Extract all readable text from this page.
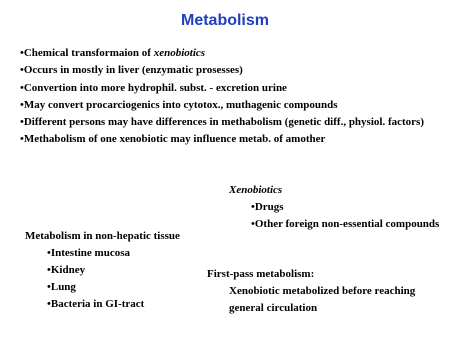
Metabolism
•Chemical transformaion of xenobiotics
•Occurs in mostly in liver (enzymatic prosesses)
•Convertion into more hydrophil. subst. - excretion urine
•May convert procarciogenics into cytotox., muthagenic compounds
•Different persons may have differences in methabolism (genetic diff., physiol. factors)
•Methabolism of one xenobiotic may influence metab. of amother
Xenobiotics
•Drugs
•Other foreign non-essential compounds
Metabolism in non-hepatic tissue
•Intestine mucosa
•Kidney
•Lung
•Bacteria in GI-tract
First-pass metabolism:
Xenobiotic metabolized before reaching
general circulation
